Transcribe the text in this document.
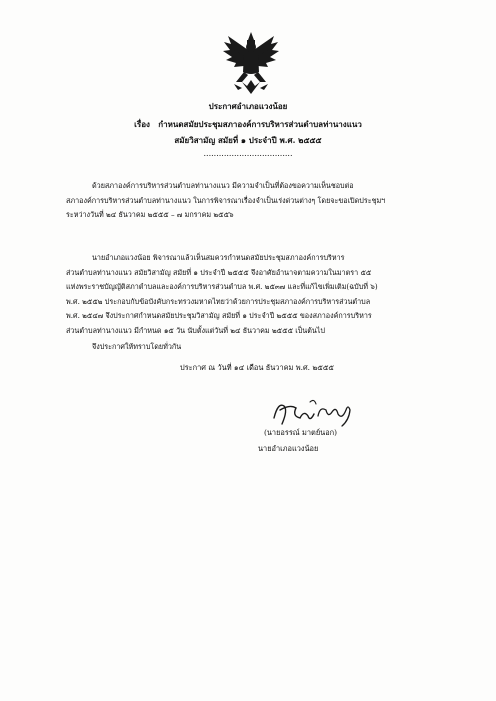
ประกาศอำเภอแวงน้อย
เรื่อง กำหนดสมัยประชุมสภาองค์การบริหารส่วนตำบลท่านางแนว
สมัยวิสามัญ สมัยที่ ๑ ประจำปี พ.ศ. ๒๕๕๕
...................................
ด้วยสภาองค์การบริหารส่วนตำบลท่านางแนว มีความจำเป็นที่ต้องขอความเห็นชอบต่อ
สภาองค์การบริหารส่วนตำบลท่านางแนว ในการพิจารณาเรื่องจำเป็นเร่งด่วนต่างๆ โดยจะขอเปิดประชุมฯ
ระหว่างวันที่ ๒๔ ธันวาคม ๒๕๕๕ – ๗ มกราคม ๒๕๕๖
นายอำเภอแวงน้อย พิจารณาแล้วเห็นสมควรกำหนดสมัยประชุมสภาองค์การบริหาร
ส่วนตำบลท่านางแนว สมัยวิสามัญ สมัยที่ ๑ ประจำปี ๒๕๕๕ จึงอาศัยอำนาจตามความในมาตรา ๕๕
แห่งพระราชบัญญัติสภาตำบลและองค์การบริหารส่วนตำบล พ.ศ. ๒๕๓๗ และที่แก้ไขเพิ่มเติม(ฉบับที่ ๖)
พ.ศ. ๒๕๕๒ ประกอบกับข้อบังคับกระทรวงมหาดไทยว่าด้วยการประชุมสภาองค์การบริหารส่วนตำบล
พ.ศ. ๒๕๔๗ จึงประกาศกำหนดสมัยประชุมวิสามัญ สมัยที่ ๑ ประจำปี ๒๕๕๕ ของสภาองค์การบริหาร
ส่วนตำบลท่านางแนว มีกำหนด ๑๕ วัน นับตั้งแต่วันที่ ๒๔ ธันวาคม ๒๕๕๕ เป็นต้นไป
จึงประกาศให้ทราบโดยทั่วกัน
ประกาศ ณ วันที่ ๑๔ เดือน ธันวาคม พ.ศ. ๒๕๕๕
(นายอรรณ์ มาตย์นอก)
นายอำเภอแวงน้อย
